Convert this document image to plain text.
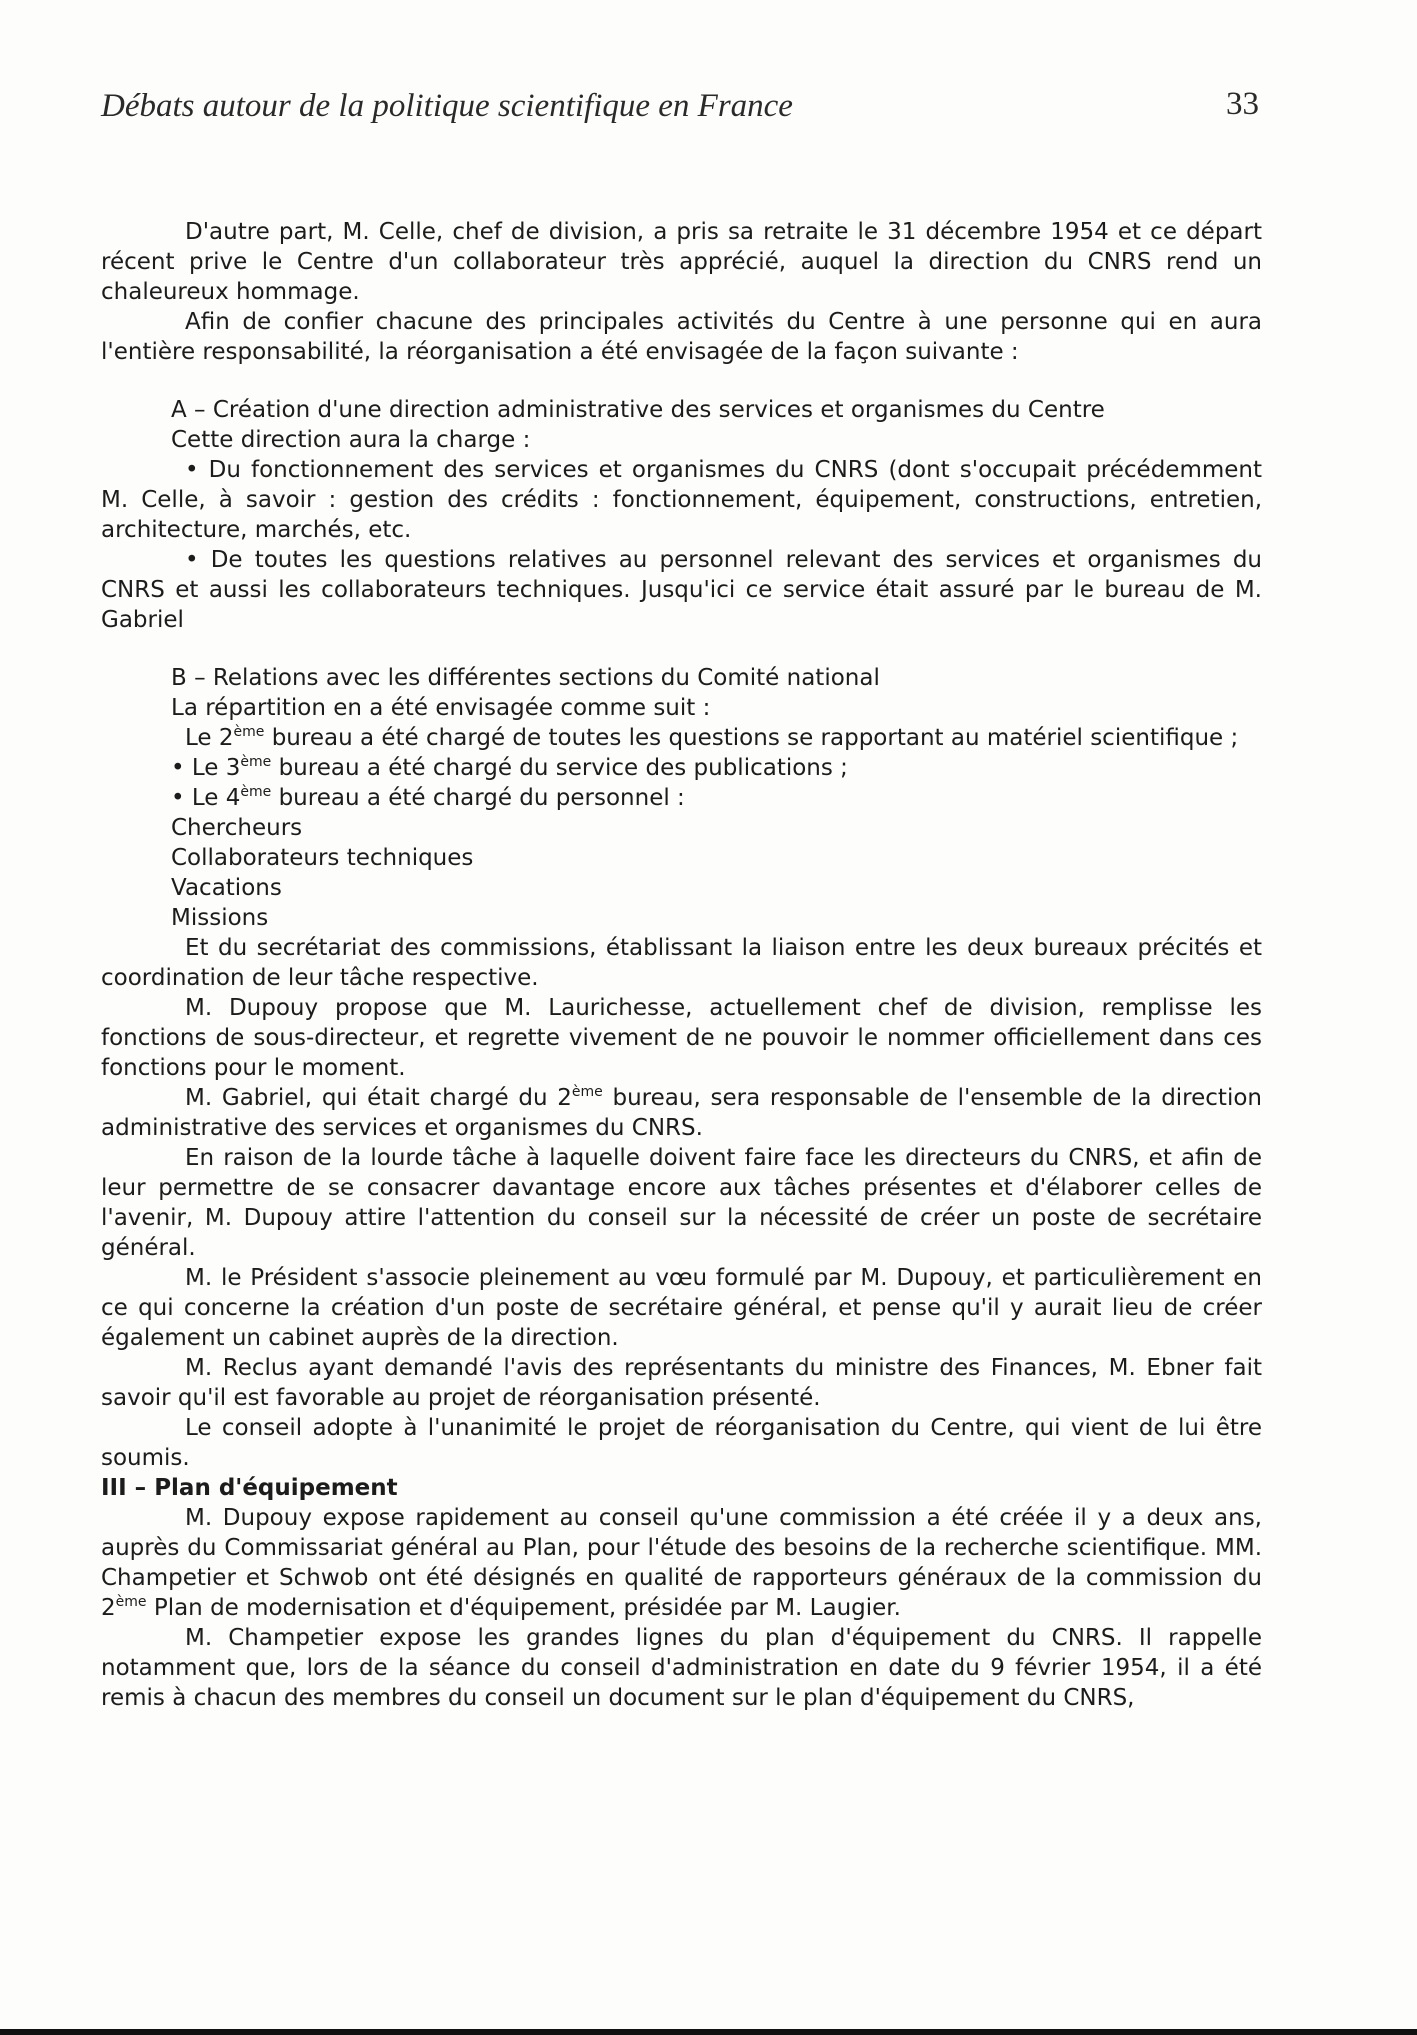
Débats autour de la politique scientifique en France	33

D'autre part, M. Celle, chef de division, a pris sa retraite le 31 décembre 1954 et ce départ récent prive le Centre d'un collaborateur très apprécié, auquel la direction du CNRS rend un chaleureux hommage.

Afin de confier chacune des principales activités du Centre à une personne qui en aura l'entière responsabilité, la réorganisation a été envisagée de la façon suivante :

A – Création d'une direction administrative des services et organismes du Centre

Cette direction aura la charge :

• Du fonctionnement des services et organismes du CNRS (dont s'occupait précédemment M. Celle, à savoir : gestion des crédits : fonctionnement, équipement, constructions, entretien, architecture, marchés, etc.

• De toutes les questions relatives au personnel relevant des services et organismes du CNRS et aussi les collaborateurs techniques. Jusqu'ici ce service était assuré par le bureau de M. Gabriel

B – Relations avec les différentes sections du Comité national

La répartition en a été envisagée comme suit :

Le 2ème bureau a été chargé de toutes les questions se rapportant au matériel scientifique ;

• Le 3ème bureau a été chargé du service des publications ;

• Le 4ème bureau a été chargé du personnel :

Chercheurs

Collaborateurs techniques

Vacations

Missions

Et du secrétariat des commissions, établissant la liaison entre les deux bureaux précités et coordination de leur tâche respective.

M. Dupouy propose que M. Laurichesse, actuellement chef de division, remplisse les fonctions de sous-directeur, et regrette vivement de ne pouvoir le nommer officiellement dans ces fonctions pour le moment.

M. Gabriel, qui était chargé du 2ème bureau, sera responsable de l'ensemble de la direction administrative des services et organismes du CNRS.

En raison de la lourde tâche à laquelle doivent faire face les directeurs du CNRS, et afin de leur permettre de se consacrer davantage encore aux tâches présentes et d'élaborer celles de l'avenir, M. Dupouy attire l'attention du conseil sur la nécessité de créer un poste de secrétaire général.

M. le Président s'associe pleinement au vœu formulé par M. Dupouy, et particulièrement en ce qui concerne la création d'un poste de secrétaire général, et pense qu'il y aurait lieu de créer également un cabinet auprès de la direction.

M. Reclus ayant demandé l'avis des représentants du ministre des Finances, M. Ebner fait savoir qu'il est favorable au projet de réorganisation présenté.

Le conseil adopte à l'unanimité le projet de réorganisation du Centre, qui vient de lui être soumis.

III – Plan d'équipement

M. Dupouy expose rapidement au conseil qu'une commission a été créée il y a deux ans, auprès du Commissariat général au Plan, pour l'étude des besoins de la recherche scientifique. MM. Champetier et Schwob ont été désignés en qualité de rapporteurs généraux de la commission du 2ème Plan de modernisation et d'équipement, présidée par M. Laugier.

M. Champetier expose les grandes lignes du plan d'équipement du CNRS. Il rappelle notamment que, lors de la séance du conseil d'administration en date du 9 février 1954, il a été remis à chacun des membres du conseil un document sur le plan d'équipement du CNRS,
